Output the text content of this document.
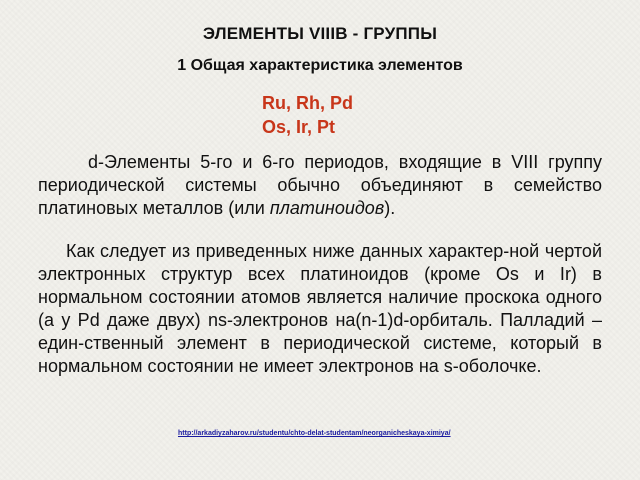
ЭЛЕМЕНТЫ VIIIB - ГРУППЫ
1 Общая характеристика элементов
Ru, Rh, Pd
Os, Ir, Pt
d-Элементы 5-го и 6-го периодов, входящие в VIII группу периодической системы обычно объединяют в семейство платиновых металлов (или платиноидов).
Как следует из приведенных ниже данных характер-ной чертой электронных структур всех платиноидов (кроме Os и Ir) в нормальном состоянии атомов является наличие проскока одного (а у Pd даже двух) ns-электронов на(n-1)d-орбиталь. Палладий – един-ственный элемент в периодической системе, который в нормальном состоянии не имеет электронов на s-оболочке.
http://arkadiyzaharov.ru/studentu/chto-delat-studentam/neorganicheskaya-ximiya/
